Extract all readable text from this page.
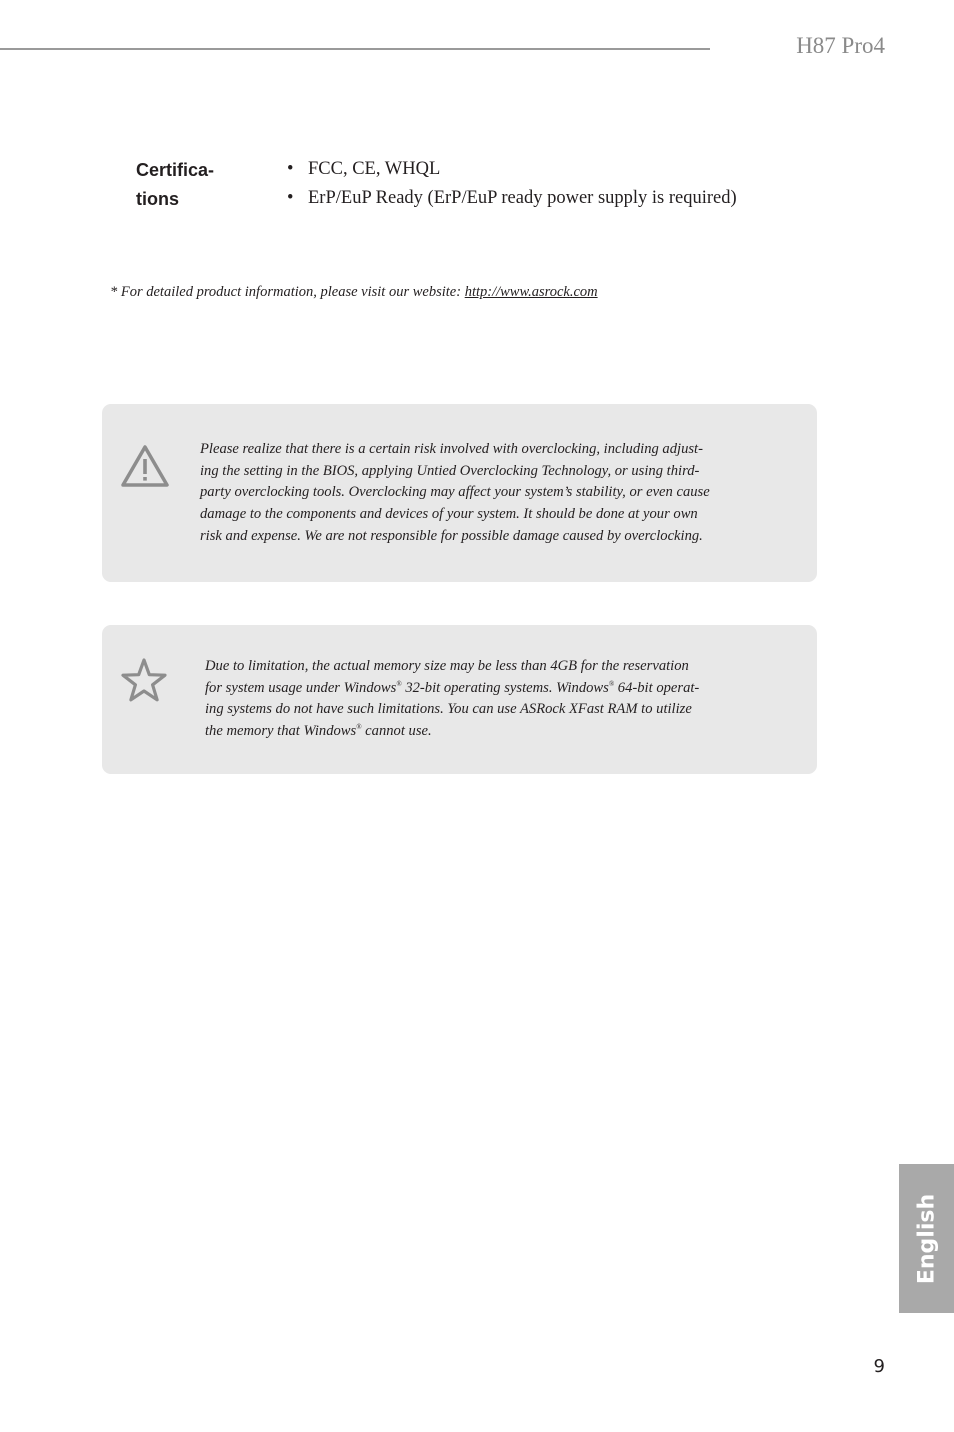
H87 Pro4
Certifica-
tions
• FCC, CE, WHQL
• ErP/EuP Ready (ErP/EuP ready power supply is required)
* For detailed product information, please visit our website: http://www.asrock.com

Please realize that there is a certain risk involved with overclocking, including adjust-
ing the setting in the BIOS, applying Untied Overclocking Technology, or using third-
party overclocking tools. Overclocking may affect your system’s stability, or even cause
damage to the components and devices of your system. It should be done at your own
risk and expense. We are not responsible for possible damage caused by overclocking.

Due to limitation, the actual memory size may be less than 4GB for the reservation
for system usage under Windows® 32-bit operating systems. Windows® 64-bit operat-
ing systems do not have such limitations. You can use ASRock XFast RAM to utilize
the memory that Windows® cannot use.

English
9
